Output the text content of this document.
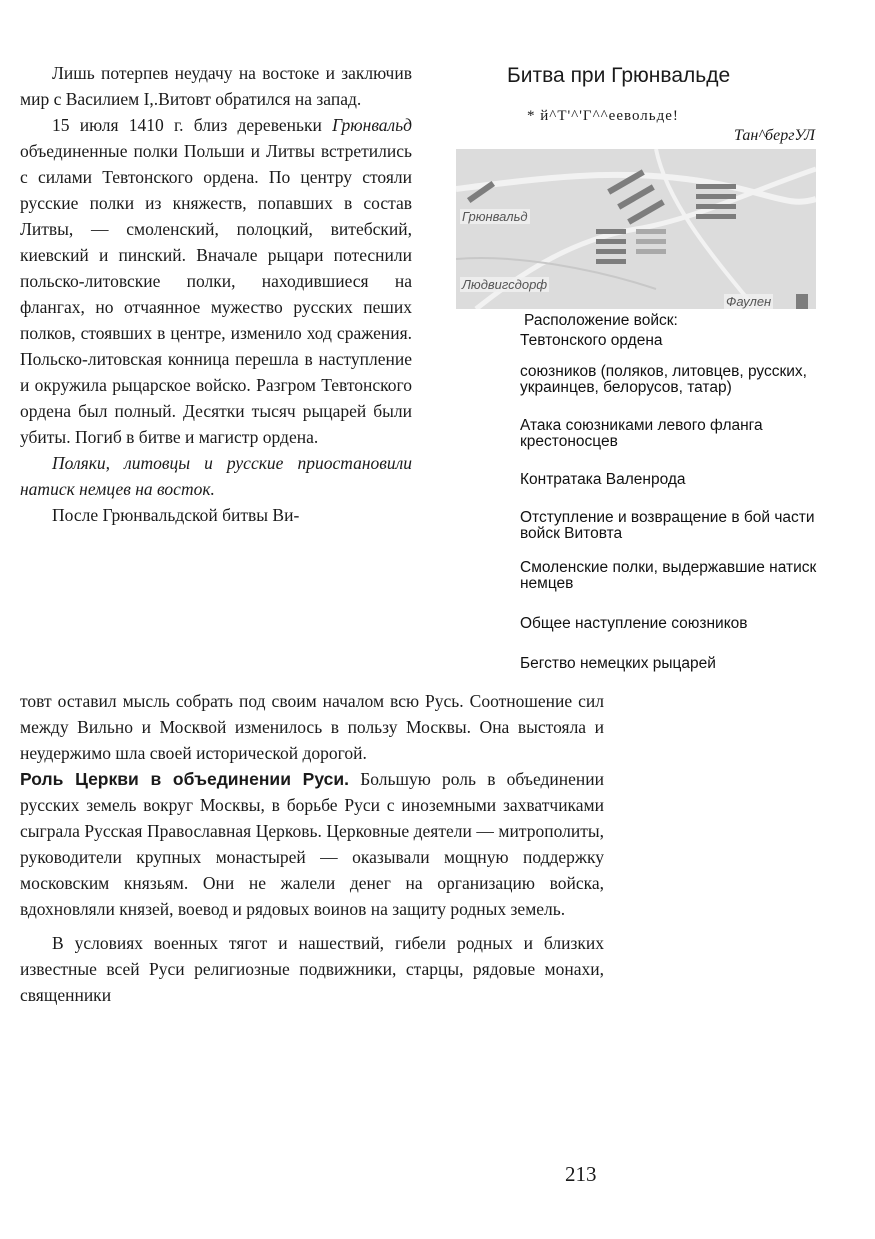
Лишь потерпев неудачу на востоке и заключив мир с Василием I,.Витовт обратился на запад.

15 июля 1410 г. близ деревеньки Грюнвальд объединенные полки Польши и Литвы встретились с силами Тевтонского ордена. По центру стояли русские полки из княжеств, попавших в состав Литвы, — смоленский, полоцкий, витебский, киевский и пинский. Вначале рыцари потеснили польско-литовские полки, находившиеся на флангах, но отчаянное мужество русских пеших полков, стоявших в центре, изменило ход сражения. Польско-литовская конница перешла в наступление и окружила рыцарское войско. Разгром Тевтонского ордена был полный. Десятки тысяч рыцарей были убиты. Погиб в битве и магистр ордена.

Поляки, литовцы и русские приостановили натиск немцев на восток.

После Грюнвальдской битвы Ви-

товт оставил мысль собрать под своим началом всю Русь. Соотношение сил между Вильно и Москвой изменилось в пользу Москвы. Она выстояла и неудержимо шла своей исторической дорогой.

Роль Церкви в объединении Руси. Большую роль в объединении русских земель вокруг Москвы, в борьбе Руси с иноземными захватчиками сыграла Русская Православная Церковь. Церковные деятели — митрополиты, руководители крупных монастырей — оказывали мощную поддержку московским князьям. Они не жалели денег на организацию войска, вдохновляли князей, воевод и рядовых воинов на защиту родных земель.

В условиях военных тягот и нашествий, гибели родных и близких известные всей Руси религиозные подвижники, старцы, рядовые монахи, священники

Битва при Грюнвальде
* й^Т'^'Г^^еевольде!
Тан^бергУЛ
Грюнвальд
Людвигсдорф
Фаулен
Расположение войск:
Тевтонского ордена
союзников (поляков, литовцев, русских, украинцев, белорусов, татар)
Атака союзниками левого фланга крестоносцев
Контратака Валенрода
Отступление и возвращение в бой части войск Витовта
Смоленские полки, выдержавшие натиск немцев
Общее наступление союзников
Бегство немецких рыцарей
213
